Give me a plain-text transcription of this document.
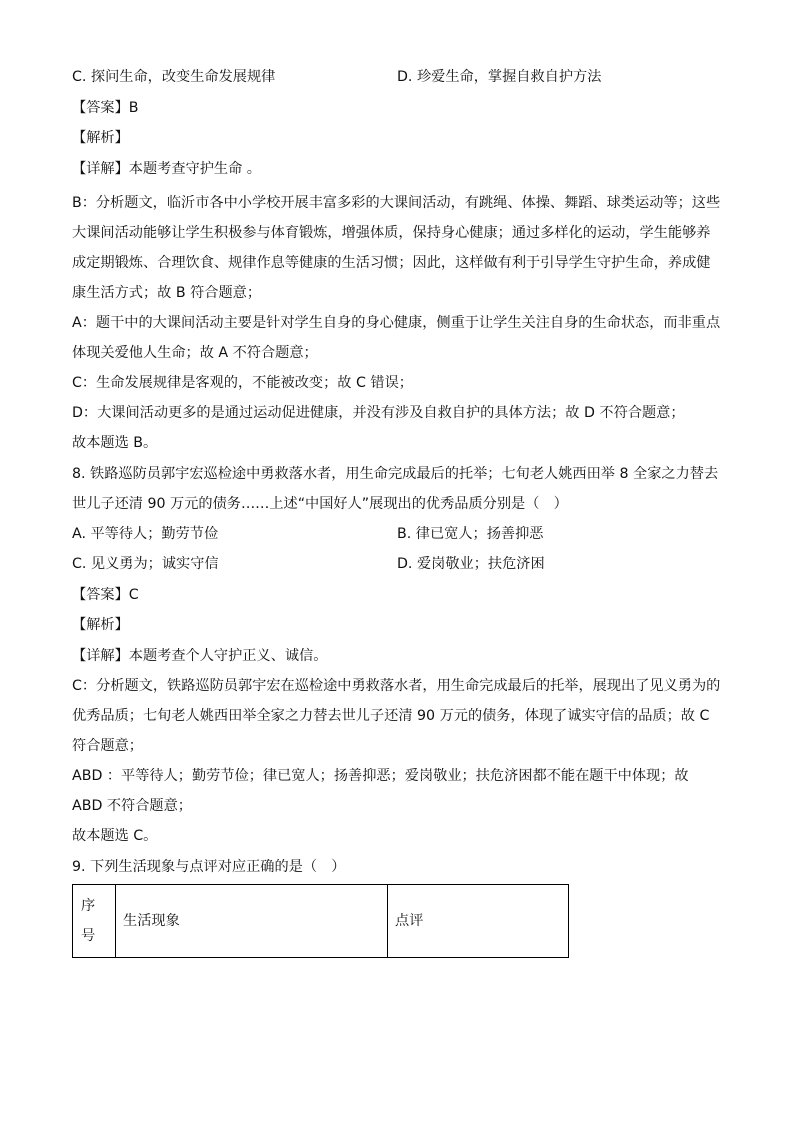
C. 探问生命，改变生命发展规律	D. 珍爱生命，掌握自救自护方法
【答案】B
【解析】
【详解】本题考查守护生命 。
B：分析题文，临沂市各中小学校开展丰富多彩的大课间活动，有跳绳、体操、舞蹈、球类运动等；这些大课间活动能够让学生积极参与体育锻炼，增强体质，保持身心健康；通过多样化的运动，学生能够养成定期锻炼、合理饮食、规律作息等健康的生活习惯；因此，这样做有利于引导学生守护生命，养成健康生活方式；故 B 符合题意；
A：题干中的大课间活动主要是针对学生自身的身心健康，侧重于让学生关注自身的生命状态，而非重点体现关爱他人生命；故 A 不符合题意；
C：生命发展规律是客观的，不能被改变；故 C 错误；
D：大课间活动更多的是通过运动促进健康，并没有涉及自救自护的具体方法；故 D 不符合题意；
故本题选 B。
8. 铁路巡防员郭宇宏巡检途中勇救落水者，用生命完成最后的托举；七旬老人姚西田举 8 全家之力替去世儿子还清 90 万元的债务……上述“中国好人”展现出的优秀品质分别是（　）
A. 平等待人；勤劳节俭	B. 律已宽人；扬善抑恶
C. 见义勇为；诚实守信	D. 爱岗敬业；扶危济困
【答案】C
【解析】
【详解】本题考查个人守护正义、诚信。
C：分析题文，铁路巡防员郭宇宏在巡检途中勇救落水者，用生命完成最后的托举，展现出了见义勇为的优秀品质；七旬老人姚西田举全家之力替去世儿子还清 90 万元的债务，体现了诚实守信的品质；故 C 符合题意；
ABD ：平等待人；勤劳节俭；律已宽人；扬善抑恶；爱岗敬业；扶危济困都不能在题干中体现；故 ABD 不符合题意；
故本题选 C。
9. 下列生活现象与点评对应正确的是（　）
序号	生活现象	点评
